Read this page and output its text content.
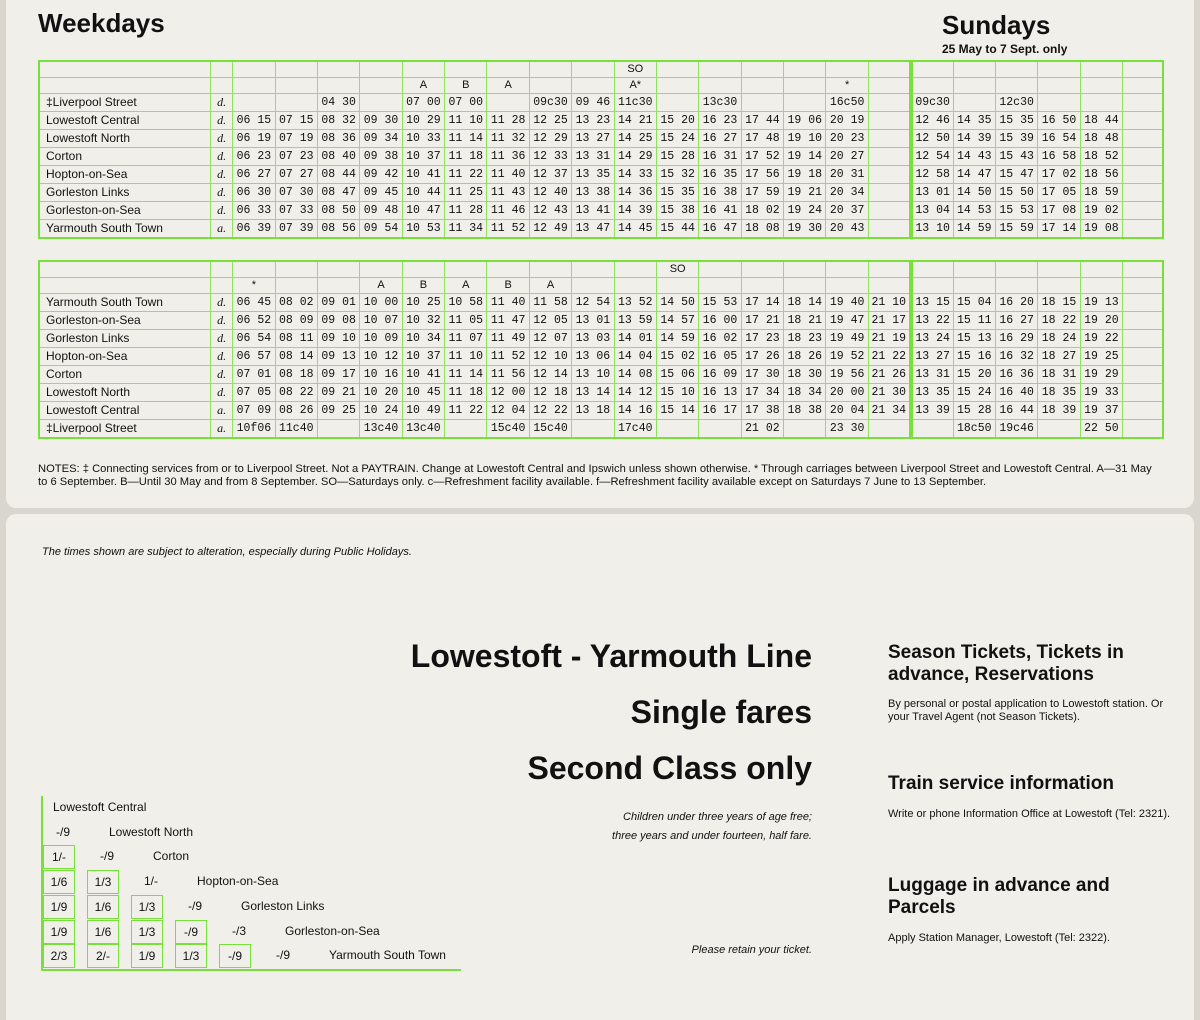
The times shown are subject to alteration, especially during Public Holidays.
Lowestoft - Yarmouth Line
Single fares
Second Class only
Children under three years of age free; three years and under fourteen, half fare.
Please retain your ticket.
Season Tickets, Tickets in advance, Reservations
By personal or postal application to Lowestoft station. Or your Travel Agent (not Season Tickets).
Train service information
Write or phone Information Office at Lowestoft (Tel: 2321).
Luggage in advance and Parcels
Apply Station Manager, Lowestoft (Tel: 2322).
Lowestoft Central
-/9	Lowestoft North
1/-	-/9	Corton
1/6	1/3	1/-	Hopton-on-Sea
1/9	1/6	1/3	-/9	Gorleston Links
1/9	1/6	1/3	-/9	-/3	Gorleston-on-Sea
2/3	2/-	1/9	1/3	-/9	-/9	Yarmouth South Town
Weekdays	Sundays
25 May to 7 Sept. only
											SO												
						A	B	A			A*					*							
‡Liverpool Street	d.			04 30		07 00	07 00		09c30	09 46	11c30		13c30			16c50		09c30		12c30			
Lowestoft Central	d.	06 15	07 15	08 32	09 30	10 29	11 10	11 28	12 25	13 23	14 21	15 20	16 23	17 44	19 06	20 19		12 46	14 35	15 35	16 50	18 44	
Lowestoft North	d.	06 19	07 19	08 36	09 34	10 33	11 14	11 32	12 29	13 27	14 25	15 24	16 27	17 48	19 10	20 23		12 50	14 39	15 39	16 54	18 48	
Corton	d.	06 23	07 23	08 40	09 38	10 37	11 18	11 36	12 33	13 31	14 29	15 28	16 31	17 52	19 14	20 27		12 54	14 43	15 43	16 58	18 52	
Hopton-on-Sea	d.	06 27	07 27	08 44	09 42	10 41	11 22	11 40	12 37	13 35	14 33	15 32	16 35	17 56	19 18	20 31		12 58	14 47	15 47	17 02	18 56	
Gorleston Links	d.	06 30	07 30	08 47	09 45	10 44	11 25	11 43	12 40	13 38	14 36	15 35	16 38	17 59	19 21	20 34		13 01	14 50	15 50	17 05	18 59	
Gorleston-on-Sea	d.	06 33	07 33	08 50	09 48	10 47	11 28	11 46	12 43	13 41	14 39	15 38	16 41	18 02	19 24	20 37		13 04	14 53	15 53	17 08	19 02	
Yarmouth South Town	a.	06 39	07 39	08 56	09 54	10 53	11 34	11 52	12 49	13 47	14 45	15 44	16 47	18 08	19 30	20 43		13 10	14 59	15 59	17 14	19 08	
												SO											
		*			A	B	A	B	A														
Yarmouth South Town	d.	06 45	08 02	09 01	10 00	10 25	10 58	11 40	11 58	12 54	13 52	14 50	15 53	17 14	18 14	19 40	21 10	13 15	15 04	16 20	18 15	19 13	
Gorleston-on-Sea	d.	06 52	08 09	09 08	10 07	10 32	11 05	11 47	12 05	13 01	13 59	14 57	16 00	17 21	18 21	19 47	21 17	13 22	15 11	16 27	18 22	19 20	
Gorleston Links	d.	06 54	08 11	09 10	10 09	10 34	11 07	11 49	12 07	13 03	14 01	14 59	16 02	17 23	18 23	19 49	21 19	13 24	15 13	16 29	18 24	19 22	
Hopton-on-Sea	d.	06 57	08 14	09 13	10 12	10 37	11 10	11 52	12 10	13 06	14 04	15 02	16 05	17 26	18 26	19 52	21 22	13 27	15 16	16 32	18 27	19 25	
Corton	d.	07 01	08 18	09 17	10 16	10 41	11 14	11 56	12 14	13 10	14 08	15 06	16 09	17 30	18 30	19 56	21 26	13 31	15 20	16 36	18 31	19 29	
Lowestoft North	d.	07 05	08 22	09 21	10 20	10 45	11 18	12 00	12 18	13 14	14 12	15 10	16 13	17 34	18 34	20 00	21 30	13 35	15 24	16 40	18 35	19 33	
Lowestoft Central	a.	07 09	08 26	09 25	10 24	10 49	11 22	12 04	12 22	13 18	14 16	15 14	16 17	17 38	18 38	20 04	21 34	13 39	15 28	16 44	18 39	19 37	
‡Liverpool Street	a.	10f06	11c40		13c40	13c40		15c40	15c40		17c40			21 02		23 30			18c50	19c46		22 50	
NOTES: ‡ Connecting services from or to Liverpool Street. Not a PAYTRAIN. Change at Lowestoft Central and Ipswich unless shown otherwise. * Through carriages between Liverpool Street and Lowestoft Central. A—31 May to 6 September. B—Until 30 May and from 8 September. SO—Saturdays only. c—Refreshment facility available. f—Refreshment facility available except on Saturdays 7 June to 13 September.
